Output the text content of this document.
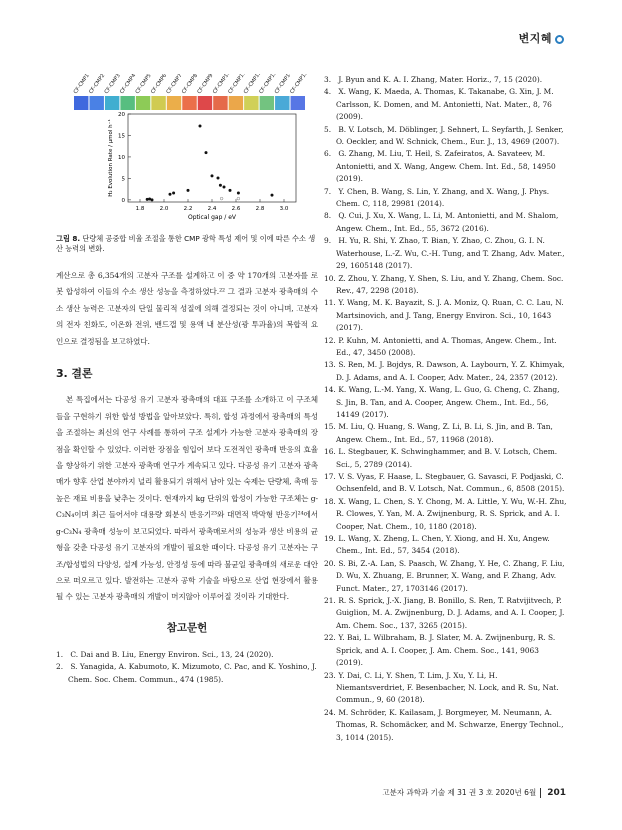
변지혜
CF-CMP1
CF-CMP2
CF-CMP3
CF-CMP4
CF-CMP5
CF-CMP6
CF-CMP7
CF-CMP8
CF-CMP9
CF-CMP10
CF-CMP11
CF-CMP12
CF-CMP13
CF-CMP14
CF-CMP15
0
5
10
15
20
1.8	2.0	2.2	2.4	2.6	2.8	3.0
Optical gap / eV
H₂ Evolution Rate / μmol h⁻¹
그림 8. 단량체 공중합 비율 조절을 통한 CMP 광학 특성 제어 및 이에 따른 수소 생산 능력의 변화.

계산으로 총 6,354개의 고분자 구조를 설계하고 이 중 약 170개의 고분자를 로봇 합성하여 이들의 수소 생산 성능을 측정하였다.²² 그 결과 고분자 광촉매의 수소 생산 능력은 고분자의 단일 물리적 성질에 의해 결정되는 것이 아니며, 고분자의 전자 친화도, 이온화 전위, 밴드갭 및 용액 내 분산성(광 투과율)의 복합적 요인으로 결정됨을 보고하였다.

3. 결론

본 특집에서는 다공성 유기 고분자 광촉매의 대표 구조를 소개하고 이 구조체들을 구현하기 위한 합성 방법을 알아보았다. 특히, 합성 과정에서 광촉매의 특성을 조절하는 최신의 연구 사례를 통하여 구조 설계가 가능한 고분자 광촉매의 장점을 확인할 수 있었다. 이러한 장점을 힘입어 보다 도전적인 광촉매 반응의 효율을 향상하기 위한 고분자 광촉매 연구가 계속되고 있다. 다공성 유기 고분자 광촉매가 향후 산업 분야까지 널리 활용되기 위해서 남아 있는 숙제는 단량체, 촉매 등 높은 재료 비용을 낮추는 것이다. 현재까지 kg 단위의 합성이 가능한 구조체는 g-C₃N₄이며 최근 들어서야 대용량 회분식 반응기²³와 대면적 박막형 반응기²⁴에서 g-C₃N₄ 광촉매 성능이 보고되었다. 따라서 광촉매로서의 성능과 생산 비용의 균형을 갖춘 다공성 유기 고분자의 개발이 필요한 때이다. 다공성 유기 고분자는 구조/합성법의 다양성, 설계 가능성, 안정성 등에 따라 불균일 광촉매의 새로운 대안으로 떠오르고 있다. 발전하는 고분자 공학 기술을 바탕으로 산업 현장에서 활용될 수 있는 고분자 광촉매의 개발이 머지않아 이루어질 것이라 기대한다.

참고문헌

1. C. Dai and B. Liu, Energy Environ. Sci., 13, 24 (2020).

2. S. Yanagida, A. Kabumoto, K. Mizumoto, C. Pac, and K. Yoshino, J. Chem. Soc. Chem. Commun., 474 (1985).

3. J. Byun and K. A. I. Zhang, Mater. Horiz., 7, 15 (2020).

4. X. Wang, K. Maeda, A. Thomas, K. Takanabe, G. Xin, J. M. Carlsson, K. Domen, and M. Antonietti, Nat. Mater., 8, 76 (2009).

5. B. V. Lotsch, M. Döblinger, J. Sehnert, L. Seyfarth, J. Senker, O. Oeckler, and W. Schnick, Chem., Eur. J., 13, 4969 (2007).

6. G. Zhang, M. Liu, T. Heil, S. Zafeiratos, A. Savateev, M. Antonietti, and X. Wang, Angew. Chem. Int. Ed., 58, 14950 (2019).

7. Y. Chen, B. Wang, S. Lin, Y. Zhang, and X. Wang, J. Phys. Chem. C, 118, 29981 (2014).

8. Q. Cui, J. Xu, X. Wang, L. Li, M. Antonietti, and M. Shalom, Angew. Chem., Int. Ed., 55, 3672 (2016).

9. H. Yu, R. Shi, Y. Zhao, T. Bian, Y. Zhao, C. Zhou, G. I. N. Waterhouse, L.-Z. Wu, C.-H. Tung, and T. Zhang, Adv. Mater., 29, 1605148 (2017).

10. Z. Zhou, Y. Zhang, Y. Shen, S. Liu, and Y. Zhang, Chem. Soc. Rev., 47, 2298 (2018).

11. Y. Wang, M. K. Bayazit, S. J. A. Moniz, Q. Ruan, C. C. Lau, N. Martsinovich, and J. Tang, Energy Environ. Sci., 10, 1643 (2017).

12. P. Kuhn, M. Antonietti, and A. Thomas, Angew. Chem., Int. Ed., 47, 3450 (2008).

13. S. Ren, M. J. Bojdys, R. Dawson, A. Laybourn, Y. Z. Khimyak, D. J. Adams, and A. I. Cooper, Adv. Mater., 24, 2357 (2012).

14. K. Wang, L.-M. Yang, X. Wang, L. Guo, G. Cheng, C. Zhang, S. Jin, B. Tan, and A. Cooper, Angew. Chem., Int. Ed., 56, 14149 (2017).

15. M. Liu, Q. Huang, S. Wang, Z. Li, B. Li, S. Jin, and B. Tan, Angew. Chem., Int. Ed., 57, 11968 (2018).

16. L. Stegbauer, K. Schwinghammer, and B. V. Lotsch, Chem. Sci., 5, 2789 (2014).

17. V. S. Vyas, F. Haase, L. Stegbauer, G. Savasci, F. Podjaski, C. Ochsenfeld, and B. V. Lotsch, Nat. Commun., 6, 8508 (2015).

18. X. Wang, L. Chen, S. Y. Chong, M. A. Little, Y. Wu, W.-H. Zhu, R. Clowes, Y. Yan, M. A. Zwijnenburg, R. S. Sprick, and A. I. Cooper, Nat. Chem., 10, 1180 (2018).

19. L. Wang, X. Zheng, L. Chen, Y. Xiong, and H. Xu, Angew. Chem., Int. Ed., 57, 3454 (2018).

20. S. Bi, Z.-A. Lan, S. Paasch, W. Zhang, Y. He, C. Zhang, F. Liu, D. Wu, X. Zhuang, E. Brunner, X. Wang, and F. Zhang, Adv. Funct. Mater., 27, 1703146 (2017).

21. R. S. Sprick, J.-X. Jiang, B. Bonillo, S. Ren, T. Ratvijitvech, P. Guiglion, M. A. Zwijnenburg, D. J. Adams, and A. I. Cooper, J. Am. Chem. Soc., 137, 3265 (2015).

22. Y. Bai, L. Wilbraham, B. J. Slater, M. A. Zwijnenburg, R. S. Sprick, and A. I. Cooper, J. Am. Chem. Soc., 141, 9063 (2019).

23. Y. Dai, C. Li, Y. Shen, T. Lim, J. Xu, Y. Li, H. Niemantsverdriet, F. Besenbacher, N. Lock, and R. Su, Nat. Commun., 9, 60 (2018).

24. M. Schröder, K. Kailasam, J. Borgmeyer, M. Neumann, A. Thomas, R. Schomäcker, and M. Schwarze, Energy Technol., 3, 1014 (2015).

고분자 과학과 기술 제 31 권 3 호 2020년 6월 201
